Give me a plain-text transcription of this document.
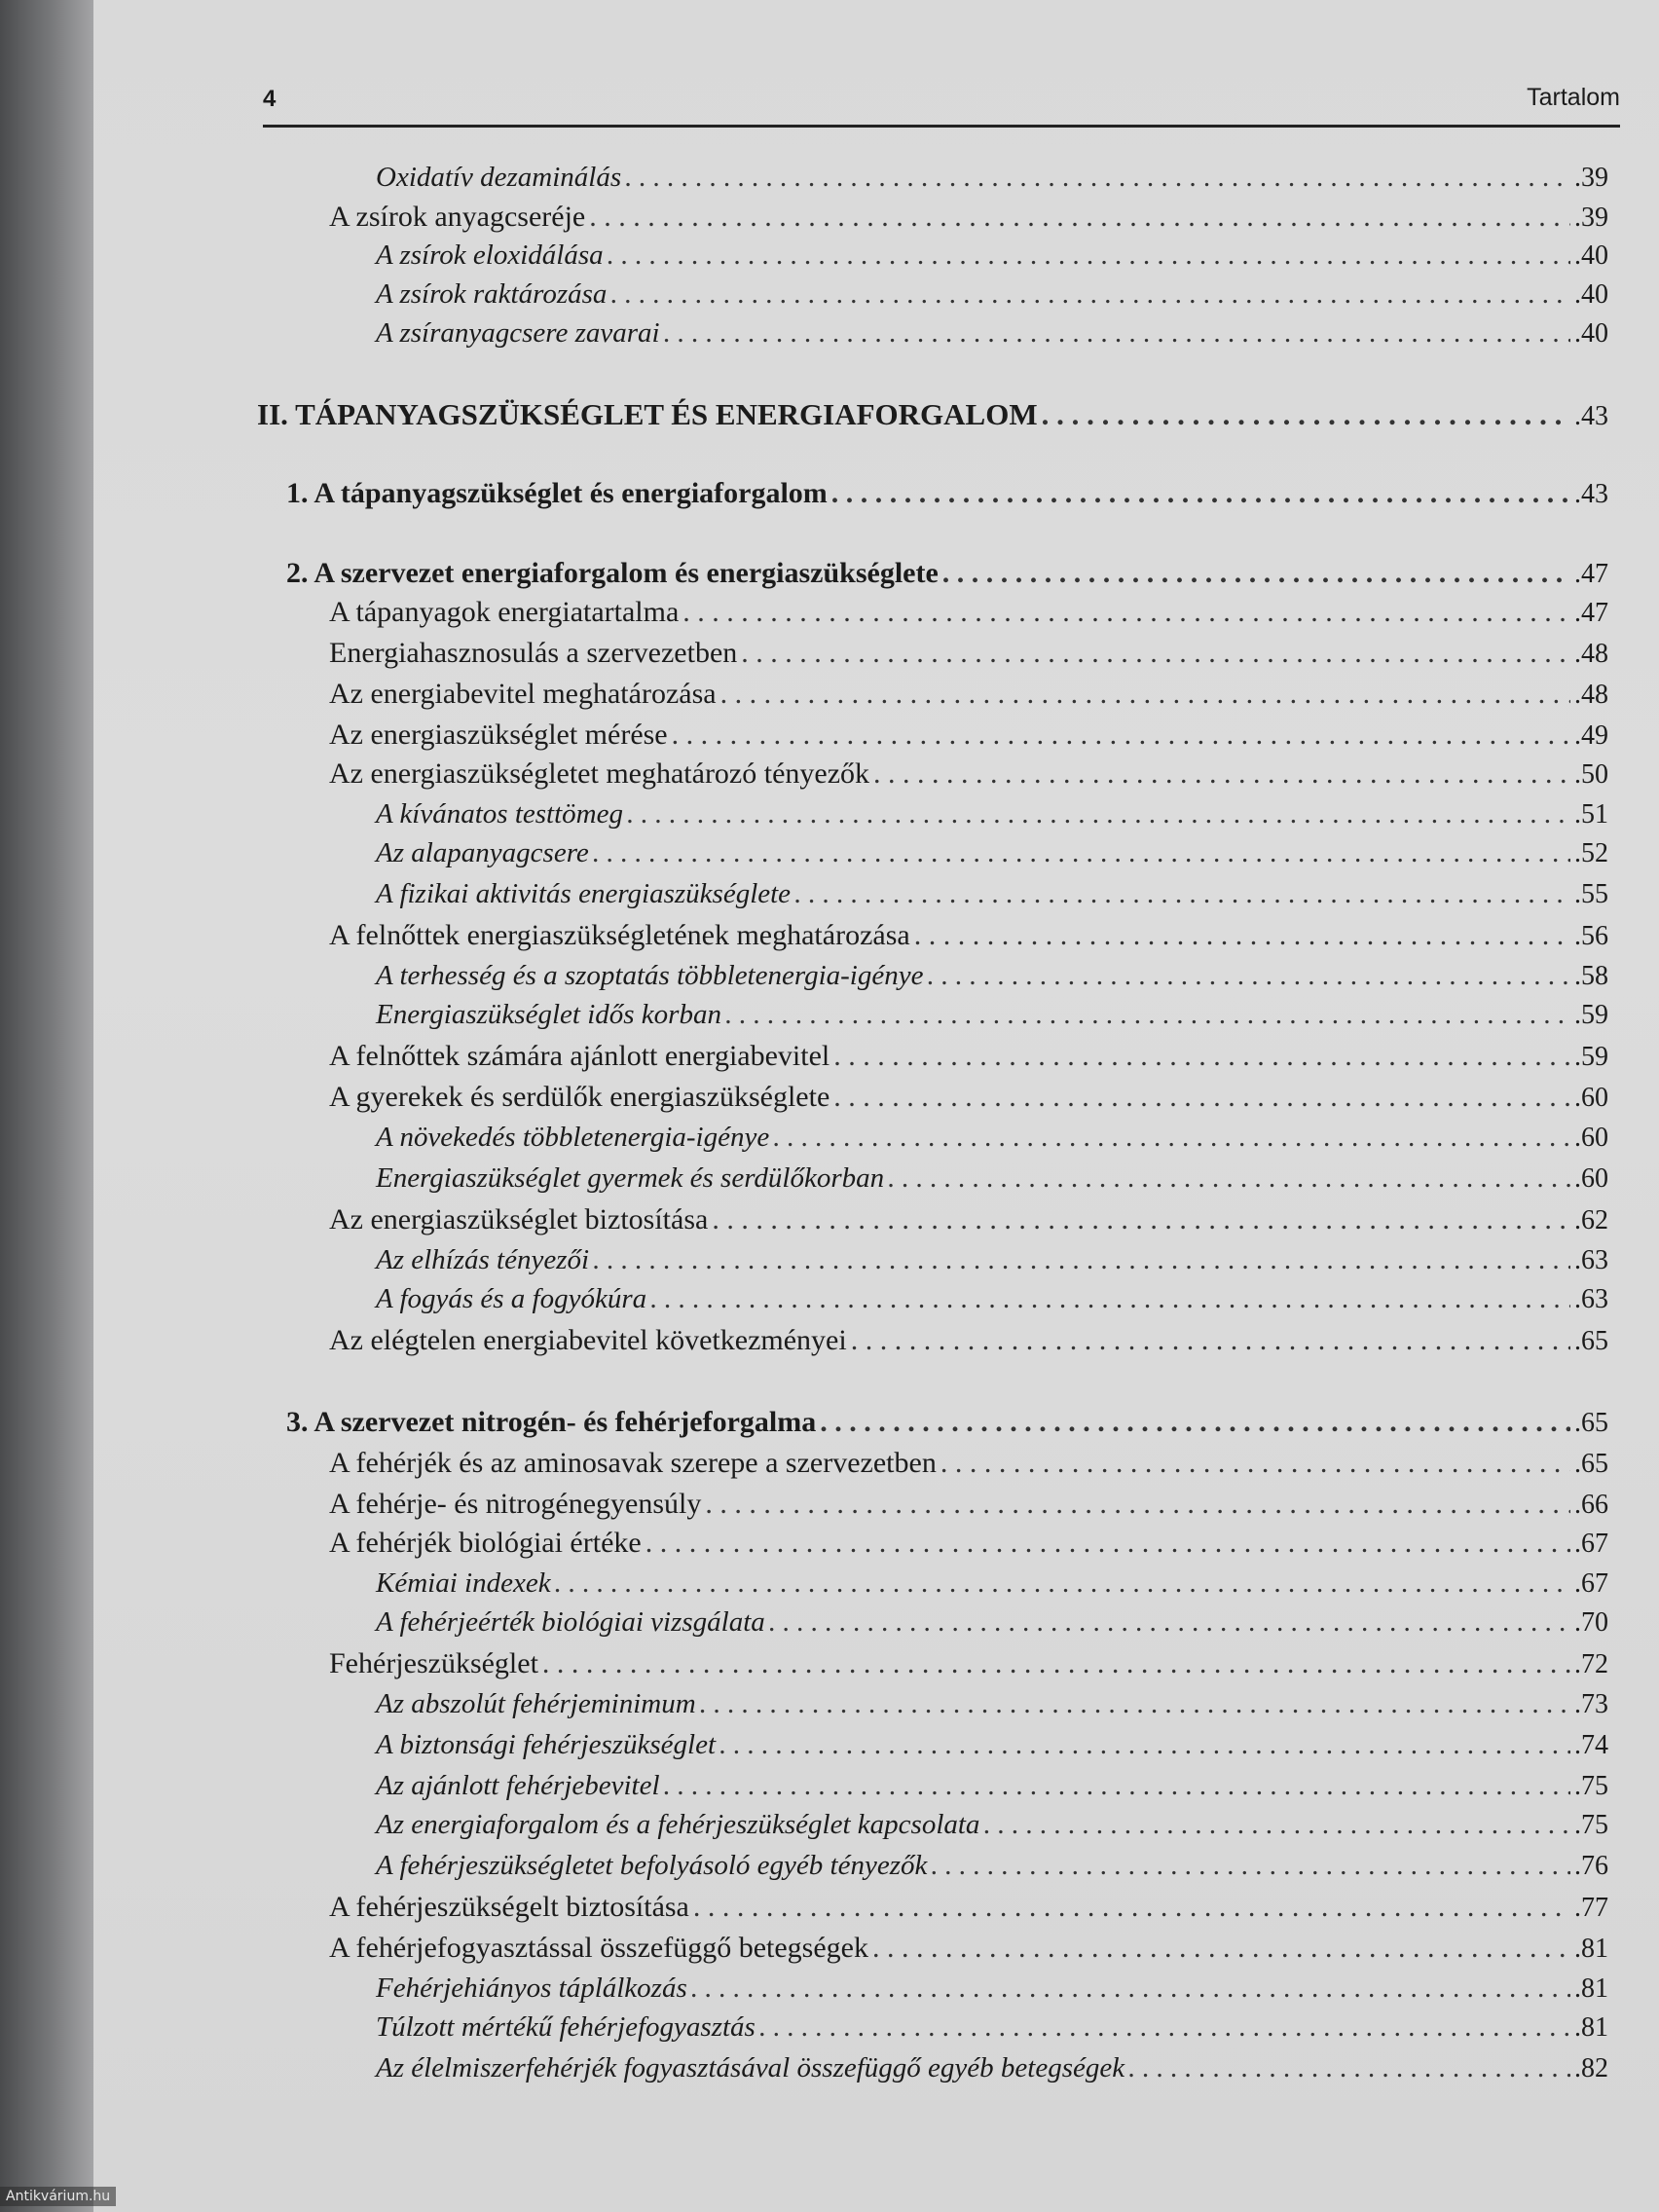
4	Tartalom
Oxidatív dezaminálás . . .	.39
A zsírok anyagcseréje . . .	.39
A zsírok eloxidálása . . .	.40
A zsírok raktározása . . .	.40
A zsíranyagcsere zavarai . . .	.40
II. TÁPANYAGSZÜKSÉGLET ÉS ENERGIAFORGALOM . . .	.43
1. A tápanyagszükséglet és energiaforgalom . . .	.43
2. A szervezet energiaforgalom és energiaszükséglete . . .	.47
A tápanyagok energiatartalma . . .	.47
Energiahasznosulás a szervezetben . . .	.48
Az energiabevitel meghatározása . . .	.48
Az energiaszükséglet mérése . . .	.49
Az energiaszükségletet meghatározó tényezők . . .	.50
A kívánatos testtömeg . . .	.51
Az alapanyagcsere . . .	.52
A fizikai aktivitás energiaszükséglete . . .	.55
A felnőttek energiaszükségletének meghatározása . . .	.56
A terhesség és a szoptatás többletenergia-igénye . . .	.58
Energiaszükséglet idős korban . . .	.59
A felnőttek számára ajánlott energiabevitel . . .	.59
A gyerekek és serdülők energiaszükséglete . . .	.60
A növekedés többletenergia-igénye . . .	.60
Energiaszükséglet gyermek és serdülőkorban . . .	.60
Az energiaszükséglet biztosítása . . .	.62
Az elhízás tényezői . . .	.63
A fogyás és a fogyókúra . . .	.63
Az elégtelen energiabevitel következményei . . .	.65
3. A szervezet nitrogén- és fehérjeforgalma . . .	.65
A fehérjék és az aminosavak szerepe a szervezetben . . .	.65
A fehérje- és nitrogénegyensúly . . .	.66
A fehérjék biológiai értéke . . .	.67
Kémiai indexek . . .	.67
A fehérjeérték biológiai vizsgálata . . .	.70
Fehérjeszükséglet . . .	.72
Az abszolút fehérjeminimum . . .	.73
A biztonsági fehérjeszükséglet . . .	.74
Az ajánlott fehérjebevitel . . .	.75
Az energiaforgalom és a fehérjeszükséglet kapcsolata . . .	.75
A fehérjeszükségletet befolyásoló egyéb tényezők . . .	.76
A fehérjeszükségelt biztosítása . . .	.77
A fehérjefogyasztással összefüggő betegségek . . .	.81
Fehérjehiányos táplálkozás . . .	.81
Túlzott mértékű fehérjefogyasztás . . .	.81
Az élelmiszerfehérjék fogyasztásával összefüggő egyéb betegségek . . .	.82
Antikvárium.hu
